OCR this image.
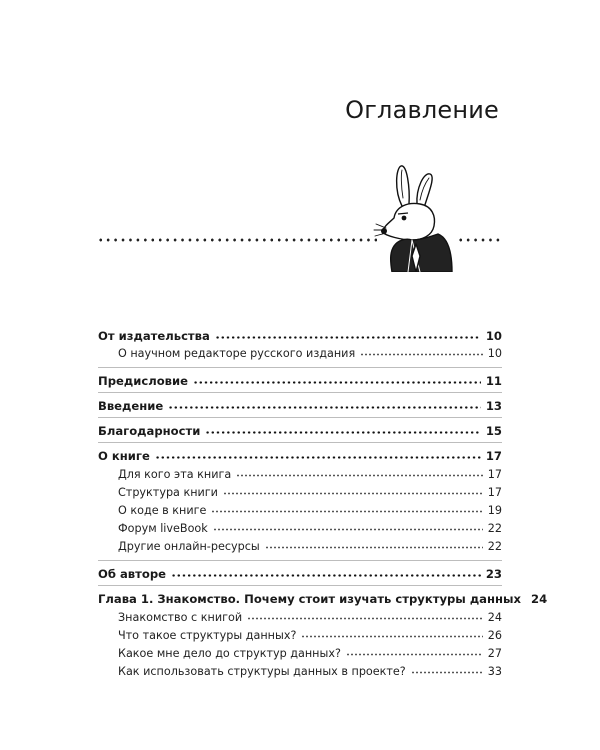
Оглавление
От издательства	10
О научном редакторе русского издания	10
Предисловие	11
Введение	13
Благодарности	15
О книге	17
Для кого эта книга	17
Структура книги	17
О коде в книге	19
Форум liveBook	22
Другие онлайн-ресурсы	22
Об авторе	23
Глава 1. Знакомство. Почему стоит изучать структуры данных 24
Знакомство с книгой	24
Что такое структуры данных?	26
Какое мне дело до структур данных?	27
Как использовать структуры данных в проекте?	33
